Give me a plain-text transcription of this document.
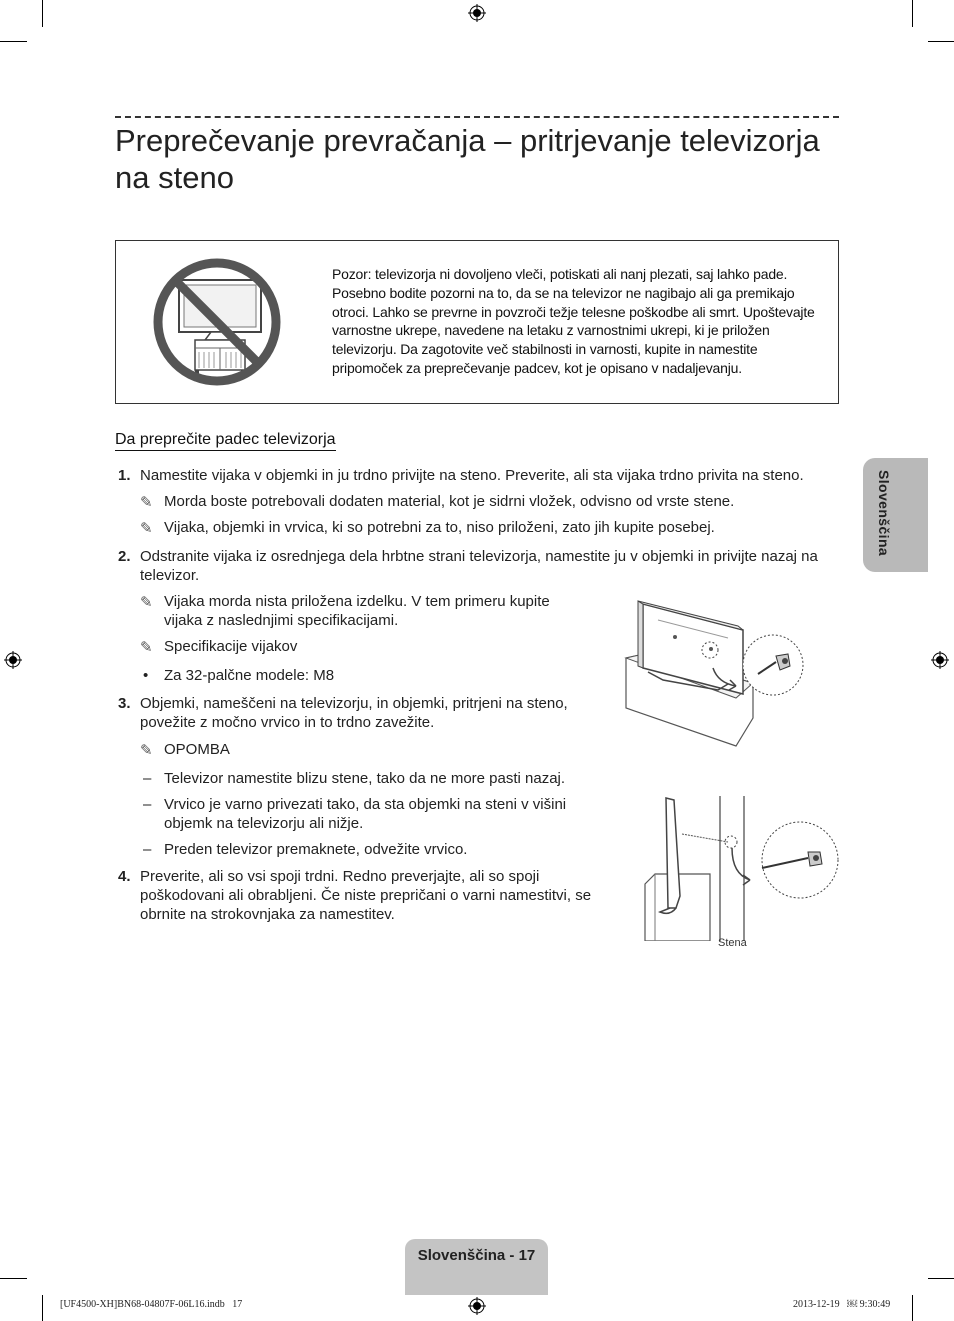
Preprečevanje prevračanja – pritrjevanje televizorja na steno
Pozor: televizorja ni dovoljeno vleči, potiskati ali nanj plezati, saj lahko pade. Posebno bodite pozorni na to, da se na televizor ne nagibajo ali ga premikajo otroci. Lahko se prevrne in povzroči težje telesne poškodbe ali smrt. Upoštevajte varnostne ukrepe, navedene na letaku z varnostnimi ukrepi, ki je priložen televizorju. Da zagotovite več stabilnosti in varnosti, kupite in namestite pripomoček za preprečevanje padcev, kot je opisano v nadaljevanju.
Da preprečite padec televizorja
1. Namestite vijaka v objemki in ju trdno privijte na steno. Preverite, ali sta vijaka trdno privita na steno.
✎ Morda boste potrebovali dodaten material, kot je sidrni vložek, odvisno od vrste stene.
✎ Vijaka, objemki in vrvica, ki so potrebni za to, niso priloženi, zato jih kupite posebej.
2. Odstranite vijaka iz osrednjega dela hrbtne strani televizorja, namestite ju v objemki in privijte nazaj na
televizor.
✎ Vijaka morda nista priložena izdelku. V tem primeru kupite
vijaka z naslednjimi specifikacijami.
✎ Specifikacije vijakov
• Za 32-palčne modele: M8
3. Objemki, nameščeni na televizorju, in objemki, pritrjeni na steno,
povežite z močno vrvico in to trdno zavežite.
✎ OPOMBA
– Televizor namestite blizu stene, tako da ne more pasti nazaj.
– Vrvico je varno privezati tako, da sta objemki na steni v višini
objemk na televizorju ali nižje.
– Preden televizor premaknete, odvežite vrvico.
4. Preverite, ali so vsi spoji trdni. Redno preverjajte, ali so spoji
poškodovani ali obrabljeni. Če niste prepričani o varni namestitvi, se
obrnite na strokovnjaka za namestitev.
Stena
Slovenščina
Slovenščina - 17
[UF4500-XH]BN68-04807F-06L16.indb   17	2013-12-19   ￼ 9:30:49
